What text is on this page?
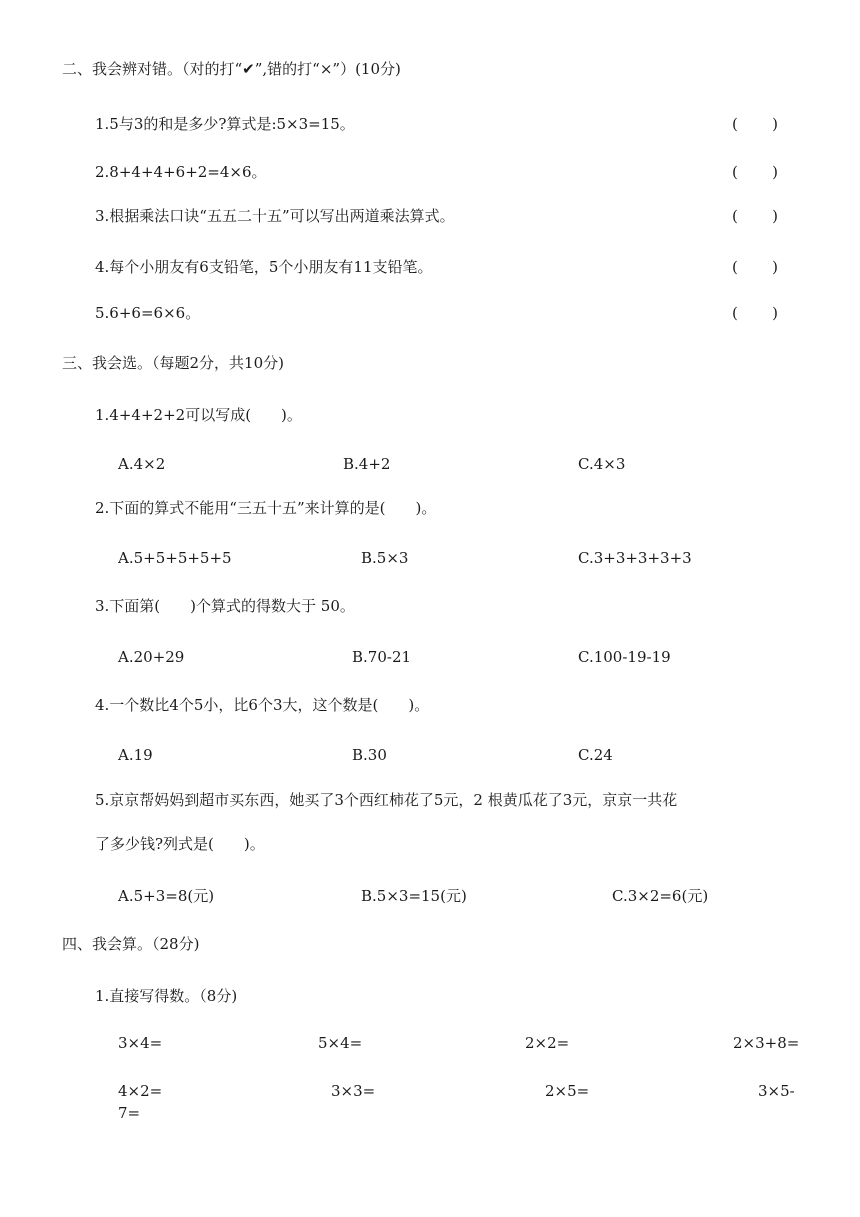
二、我会辨对错。（对的打“✔”,错的打“×”）(10分)
1.5与3的和是多少?算式是:5×3=15。	( )
2.8+4+4+6+2=4×6。	( )
3.根据乘法口诀“五五二十五”可以写出两道乘法算式。	( )
4.每个小朋友有6支铅笔，5个小朋友有11支铅笔。	( )
5.6+6=6×6。	( )
三、我会选。（每题2分，共10分)
1.4+4+2+2可以写成(　　)。
A.4×2	B.4+2	C.4×3
2.下面的算式不能用“三五十五”来计算的是(　　)。
A.5+5+5+5+5	B.5×3	C.3+3+3+3+3
3.下面第(　　)个算式的得数大于 50。
A.20+29	B.70-21	C.100-19-19
4.一个数比4个5小，比6个3大，这个数是(　　)。
A.19	B.30	C.24
5.京京帮妈妈到超市买东西，她买了3个西红柿花了5元，2 根黄瓜花了3元，京京一共花
了多少钱?列式是(　　)。
A.5+3=8(元)	B.5×3=15(元)	C.3×2=6(元)
四、我会算。（28分)
1.直接写得数。（8分)
3×4=	5×4=	2×2=	2×3+8=
4×2=	3×3=	2×5=	3×5-
7=
